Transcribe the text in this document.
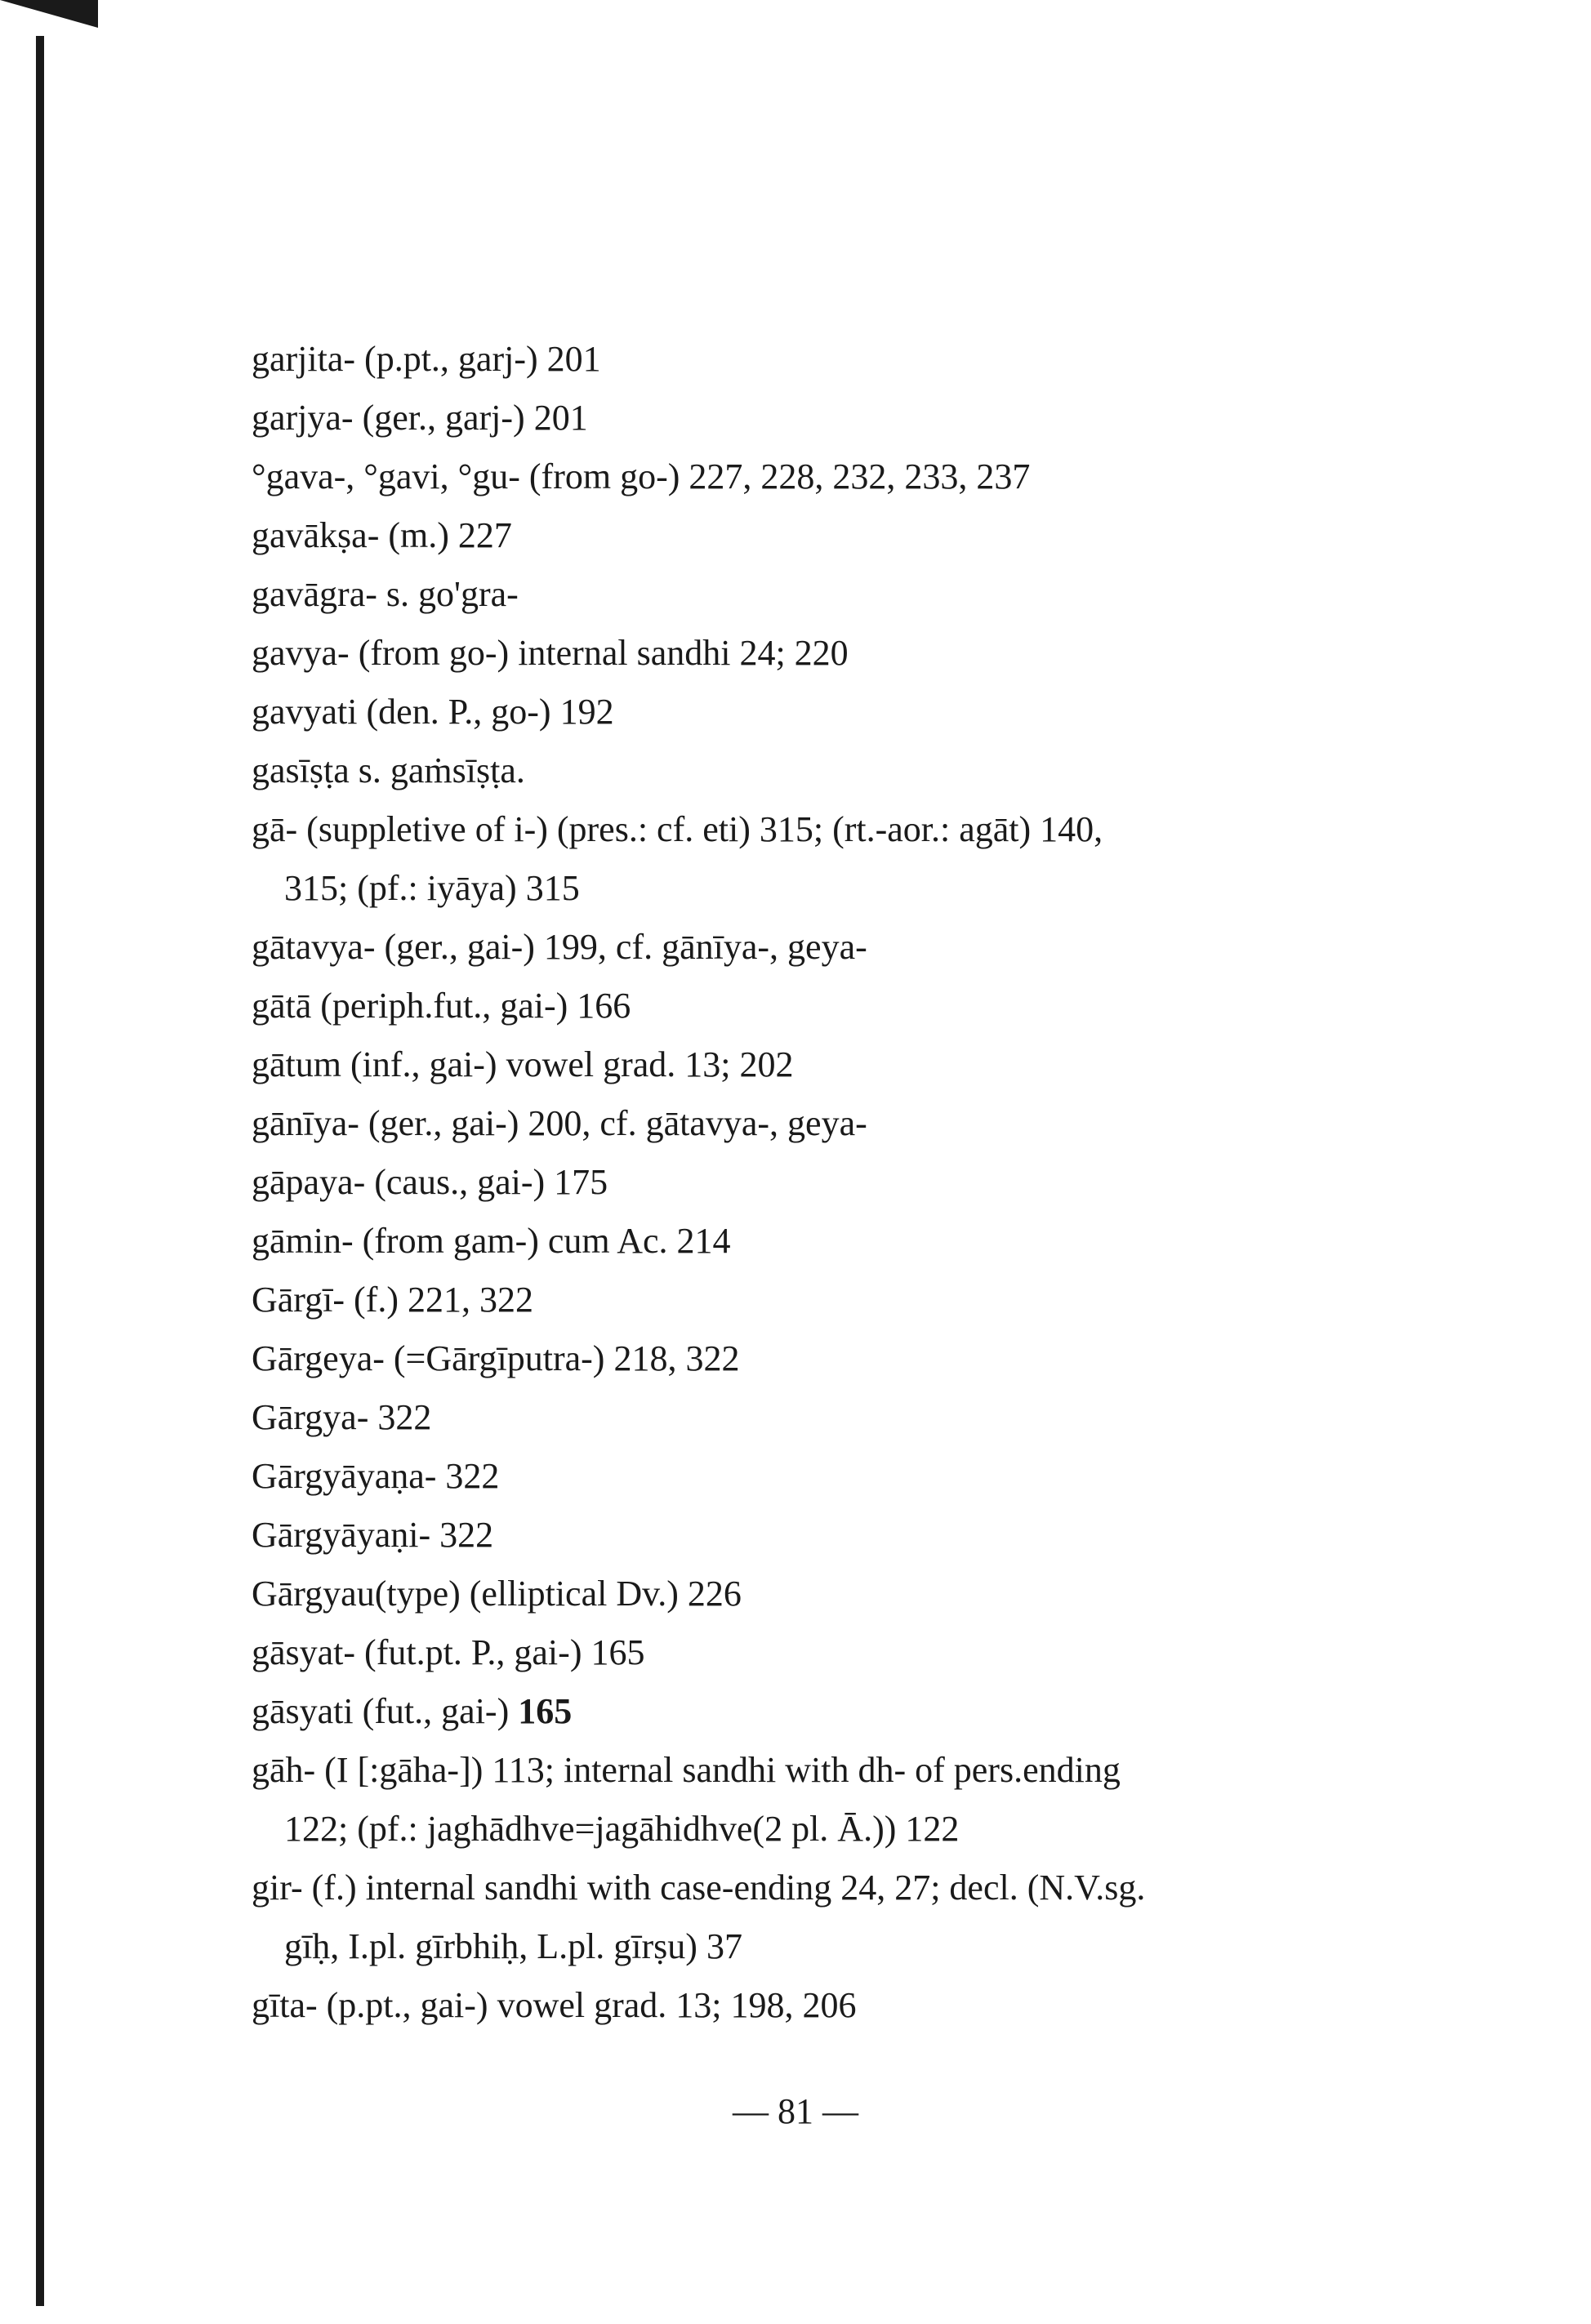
garjita- (p.pt., garj-) 201
garjya- (ger., garj-) 201
°gava-, °gavi, °gu- (from go-) 227, 228, 232, 233, 237
gavākṣa- (m.) 227
gavāgra- s. go'gra-
gavya- (from go-) internal sandhi 24; 220
gavyati (den. P., go-) 192
gasīṣṭa s. gaṁsīṣṭa.
gā- (suppletive of i-) (pres.: cf. eti) 315; (rt.-aor.: agāt) 140,
315; (pf.: iyāya) 315
gātavya- (ger., gai-) 199, cf. gānīya-, geya-
gātā (periph.fut., gai-) 166
gātum (inf., gai-) vowel grad. 13; 202
gānīya- (ger., gai-) 200, cf. gātavya-, geya-
gāpaya- (caus., gai-) 175
gāmin- (from gam-) cum Ac. 214
Gārgī- (f.) 221, 322
Gārgeya- (=Gārgīputra-) 218, 322
Gārgya- 322
Gārgyāyaṇa- 322
Gārgyāyaṇi- 322
Gārgyau(type) (elliptical Dv.) 226
gāsyat- (fut.pt. P., gai-) 165
gāsyati (fut., gai-) 165
gāh- (I [:gāha-]) 113; internal sandhi with dh- of pers.ending
122; (pf.: jaghādhve=jagāhidhve(2 pl. Ā.)) 122
gir- (f.) internal sandhi with case-ending 24, 27; decl. (N.V.sg.
gīḥ, I.pl. gīrbhiḥ, L.pl. gīrṣu) 37
gīta- (p.pt., gai-) vowel grad. 13; 198, 206
— 81 —
